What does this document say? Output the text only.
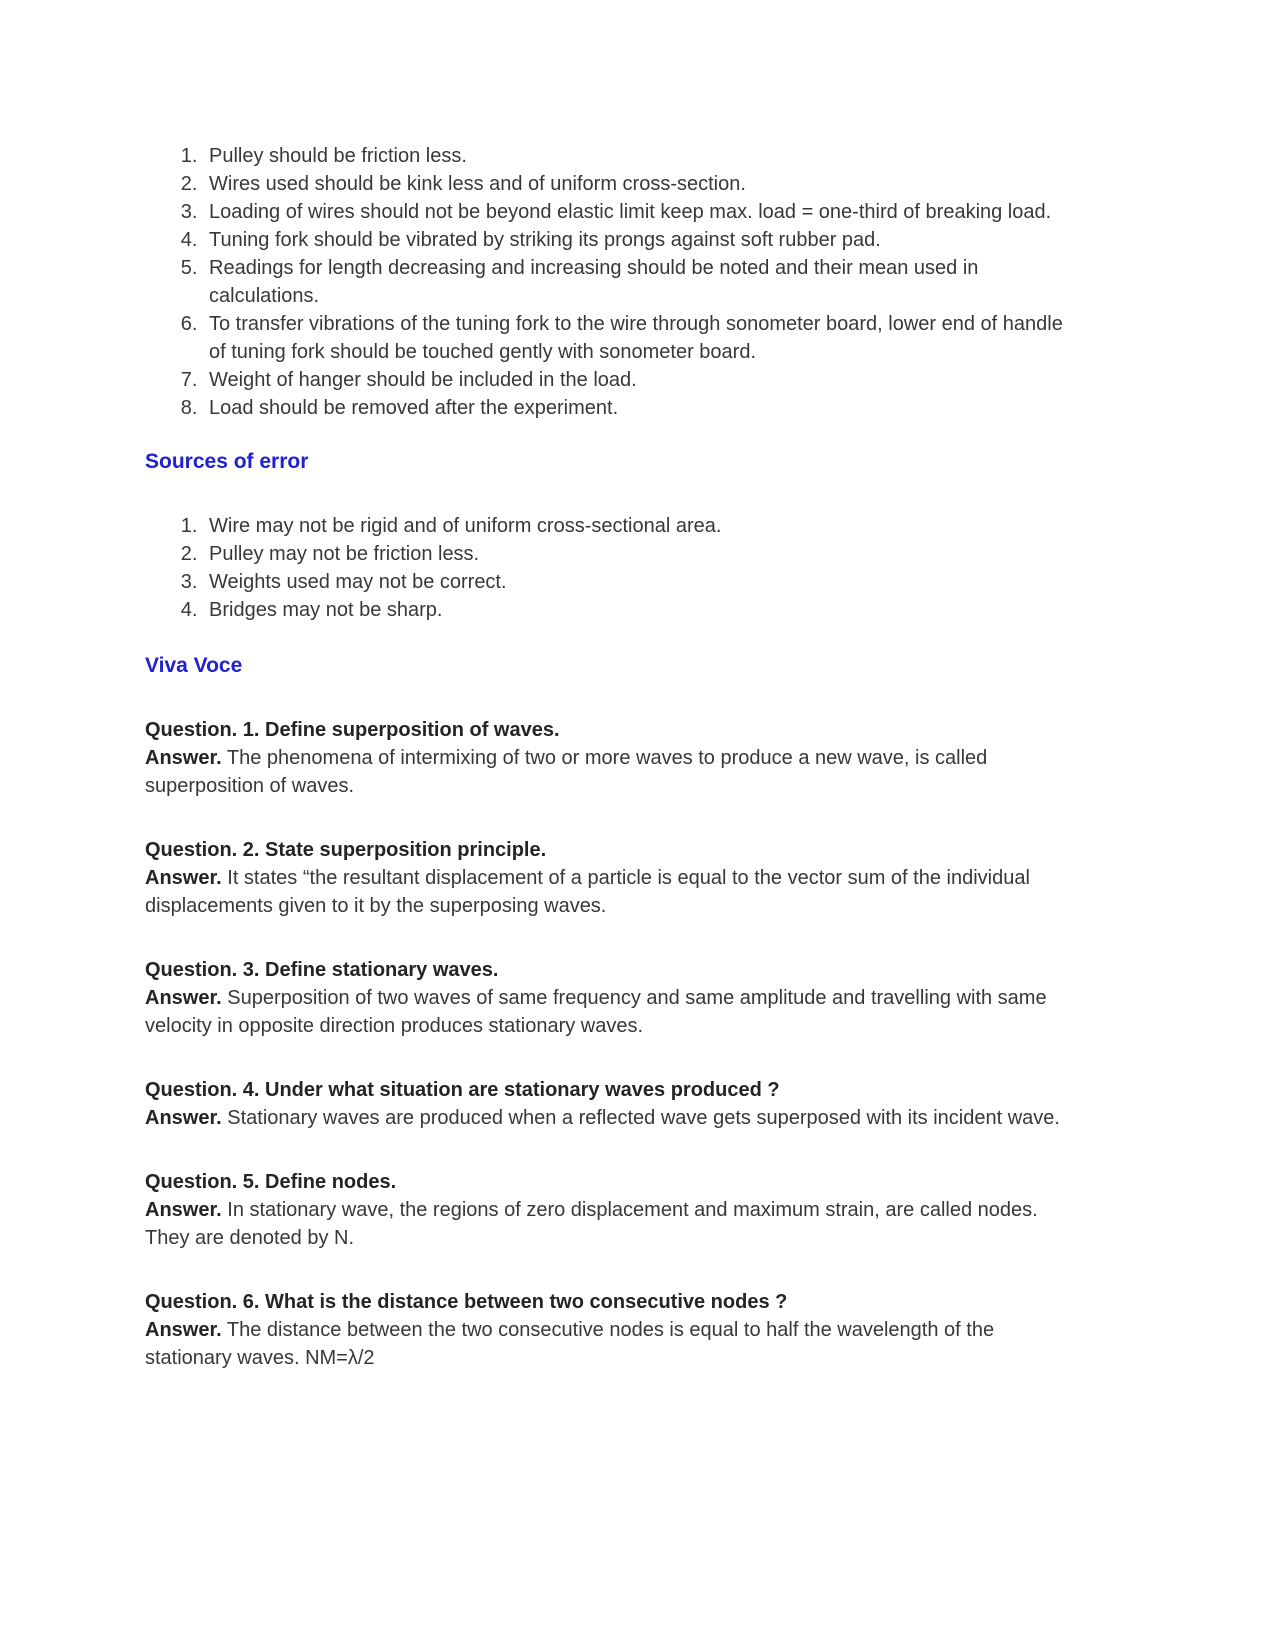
1. Pulley should be friction less.
2. Wires used should be kink less and of uniform cross-section.
3. Loading of wires should not be beyond elastic limit keep max. load = one-third of breaking load.
4. Tuning fork should be vibrated by striking its prongs against soft rubber pad.
5. Readings for length decreasing and increasing should be noted and their mean used in calculations.
6. To transfer vibrations of the tuning fork to the wire through sonometer board, lower end of handle of tuning fork should be touched gently with sonometer board.
7. Weight of hanger should be included in the load.
8. Load should be removed after the experiment.
Sources of error
1. Wire may not be rigid and of uniform cross-sectional area.
2. Pulley may not be friction less.
3. Weights used may not be correct.
4. Bridges may not be sharp.
Viva Voce

Question. 1. Define superposition of waves.

Answer. The phenomena of intermixing of two or more waves to produce a new wave, is called superposition of waves.

Question. 2. State superposition principle.

Answer. It states “the resultant displacement of a particle is equal to the vector sum of the individual displacements given to it by the superposing waves.

Question. 3. Define stationary waves.

Answer. Superposition of two waves of same frequency and same amplitude and travelling with same velocity in opposite direction produces stationary waves.

Question. 4. Under what situation are stationary waves produced ?

Answer. Stationary waves are produced when a reflected wave gets superposed with its incident wave.

Question. 5. Define nodes.

Answer. In stationary wave, the regions of zero displacement and maximum strain, are called nodes. They are denoted by N.

Question. 6. What is the distance between two consecutive nodes ?

Answer. The distance between the two consecutive nodes is equal to half the wavelength of the stationary waves. NM=λ/2
